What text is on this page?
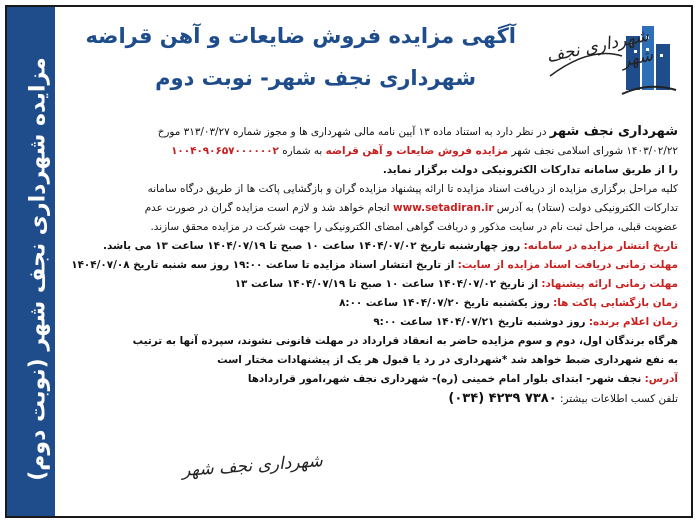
مزایده شهرداری نجف شهر (نوبت دوم)
شهرداری نجف شهر
آگهی مزایده فروش ضایعات و آهن قراضه
شهرداری نجف شهر- نوبت دوم
شهرداری نجف شهر در نظر دارد به استناد ماده ۱۳ آیین نامه مالی شهرداری ها و مجوز شماره ۳۱۳/۰۳/۲۷ مورخ
۱۴۰۳/۰۲/۲۲ شورای اسلامی نجف شهر مزایده فروش ضایعات و آهن قراضه به شماره ۱۰۰۴۰۹۰۶۵۷۰۰۰۰۰۰۲
را از طریق سامانه تدارکات الکترونیکی دولت برگزار نماید.
کلیه مراحل برگزاری مزایده از دریافت اسناد مزایده تا ارائه پیشنهاد مزایده گران و بازگشایی پاکت ها از طریق درگاه سامانه
تدارکات الکترونیکی دولت (ستاد) به آدرس www.setadiran.ir انجام خواهد شد و لازم است مزایده گران در صورت عدم
عضویت قبلی، مراحل ثبت نام در سایت مذکور و دریافت گواهی امضای الکترونیکی را جهت شرکت در مزایده محقق سازند.
تاریخ انتشار مزایده در سامانه: روز چهارشنبه تاریخ ۱۴۰۴/۰۷/۰۲ ساعت ۱۰ صبح تا ۱۴۰۴/۰۷/۱۹ ساعت ۱۳ می باشد.
مهلت زمانی دریافت اسناد مزایده از سایت: از تاریخ انتشار اسناد مزایده تا ساعت ۱۹:۰۰ روز سه شنبه تاریخ ۱۴۰۴/۰۷/۰۸
مهلت زمانی ارائه پیشنهاد: از تاریخ ۱۴۰۴/۰۷/۰۲ ساعت ۱۰ صبح تا ۱۴۰۴/۰۷/۱۹ ساعت ۱۳
زمان بازگشایی پاکت ها: روز یکشنبه تاریخ ۱۴۰۴/۰۷/۲۰ ساعت ۸:۰۰
زمان اعلام برنده: روز دوشنبه تاریخ ۱۴۰۴/۰۷/۲۱ ساعت ۹:۰۰
هرگاه برندگان اول، دوم و سوم مزایده حاضر به انعقاد قرارداد در مهلت قانونی نشوند، سپرده آنها به ترتیب
به نفع شهرداری ضبط خواهد شد *شهرداری در رد یا قبول هر یک از پیشنهادات مختار است
آدرس: نجف شهر- ابتدای بلوار امام خمینی (ره)- شهرداری نجف شهر،امور قراردادها
تلفن کسب اطلاعات بیشتر: ۷۳۸۰ ۴۲۳۹ (۰۳۴)
شهرداری نجف شهر
